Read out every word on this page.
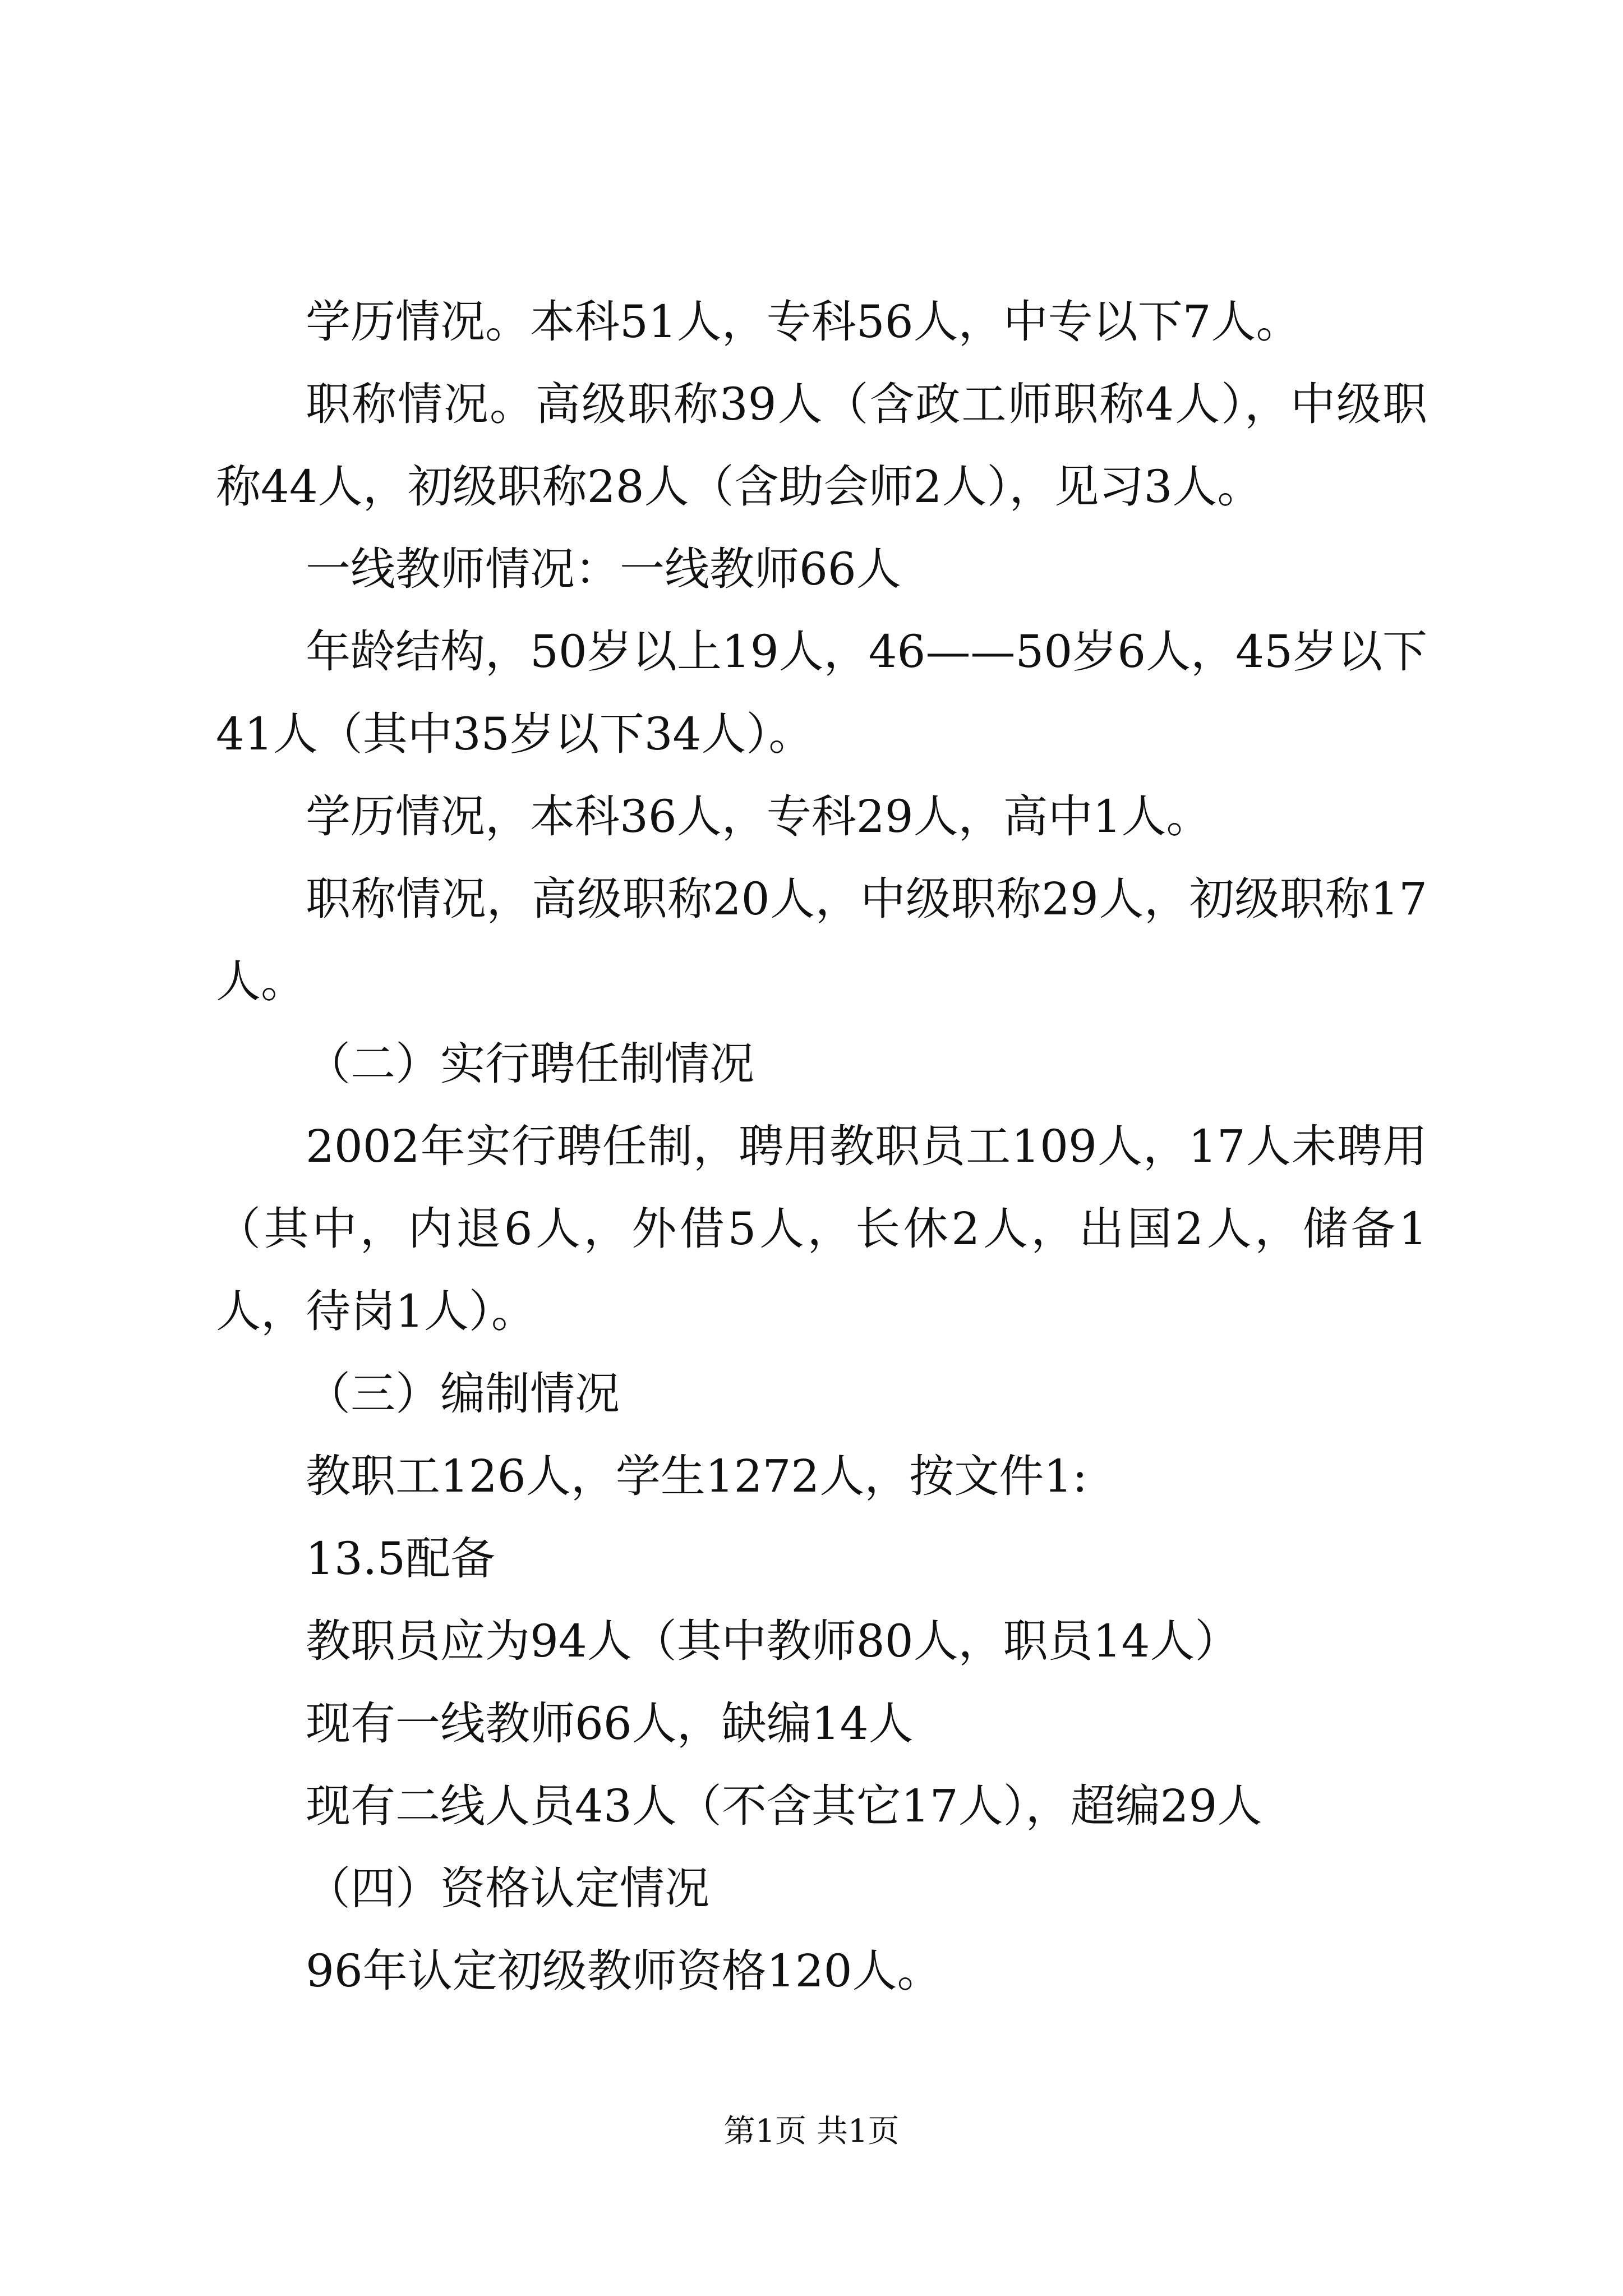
学历情况。本科51人，专科56人，中专以下7人。

职称情况。高级职称39人（含政工师职称4人），中级职称44人，初级职称28人（含助会师2人），见习3人。

一线教师情况：一线教师66人

年龄结构，50岁以上19人，46——50岁6人，45岁以下41人（其中35岁以下34人）。

学历情况，本科36人，专科29人，高中1人。

职称情况，高级职称20人，中级职称29人，初级职称17人。

（二）实行聘任制情况

2002年实行聘任制，聘用教职员工109人，17人未聘用（其中，内退6人，外借5人，长休2人，出国2人，储备1人，待岗1人）。

（三）编制情况

教职工126人，学生1272人，按文件1:

13.5配备

教职员应为94人（其中教师80人，职员14人）

现有一线教师66人，缺编14人

现有二线人员43人（不含其它17人），超编29人

（四）资格认定情况

96年认定初级教师资格120人。

第1页 共1页
